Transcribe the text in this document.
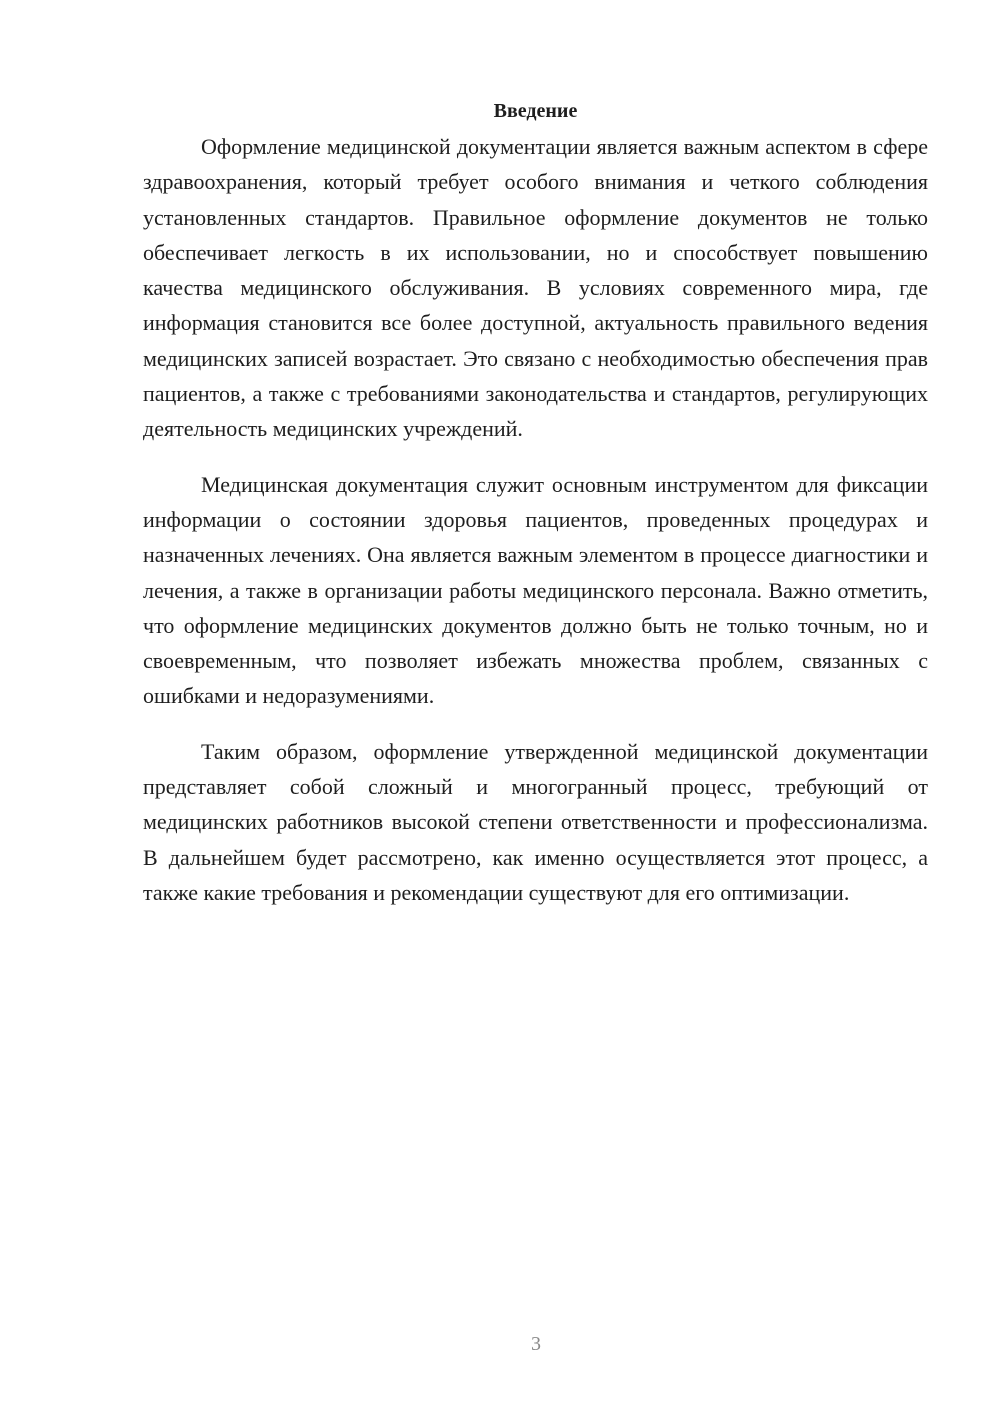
Введение

Оформление медицинской документации является важным аспектом в сфере здравоохранения, который требует особого внимания и четкого соблюдения установленных стандартов. Правильное оформление документов не только обеспечивает легкость в их использовании, но и способствует повышению качества медицинского обслуживания. В условиях современного мира, где информация становится все более доступной, актуальность правильного ведения медицинских записей возрастает. Это связано с необходимостью обеспечения прав пациентов, а также с требованиями законодательства и стандартов, регулирующих деятельность медицинских учреждений.

Медицинская документация служит основным инструментом для фиксации информации о состоянии здоровья пациентов, проведенных процедурах и назначенных лечениях. Она является важным элементом в процессе диагностики и лечения, а также в организации работы медицинского персонала. Важно отметить, что оформление медицинских документов должно быть не только точным, но и своевременным, что позволяет избежать множества проблем, связанных с ошибками и недоразумениями.

Таким образом, оформление утвержденной медицинской документации представляет собой сложный и многогранный процесс, требующий от медицинских работников высокой степени ответственности и профессионализма. В дальнейшем будет рассмотрено, как именно осуществляется этот процесс, а также какие требования и рекомендации существуют для его оптимизации.

3
